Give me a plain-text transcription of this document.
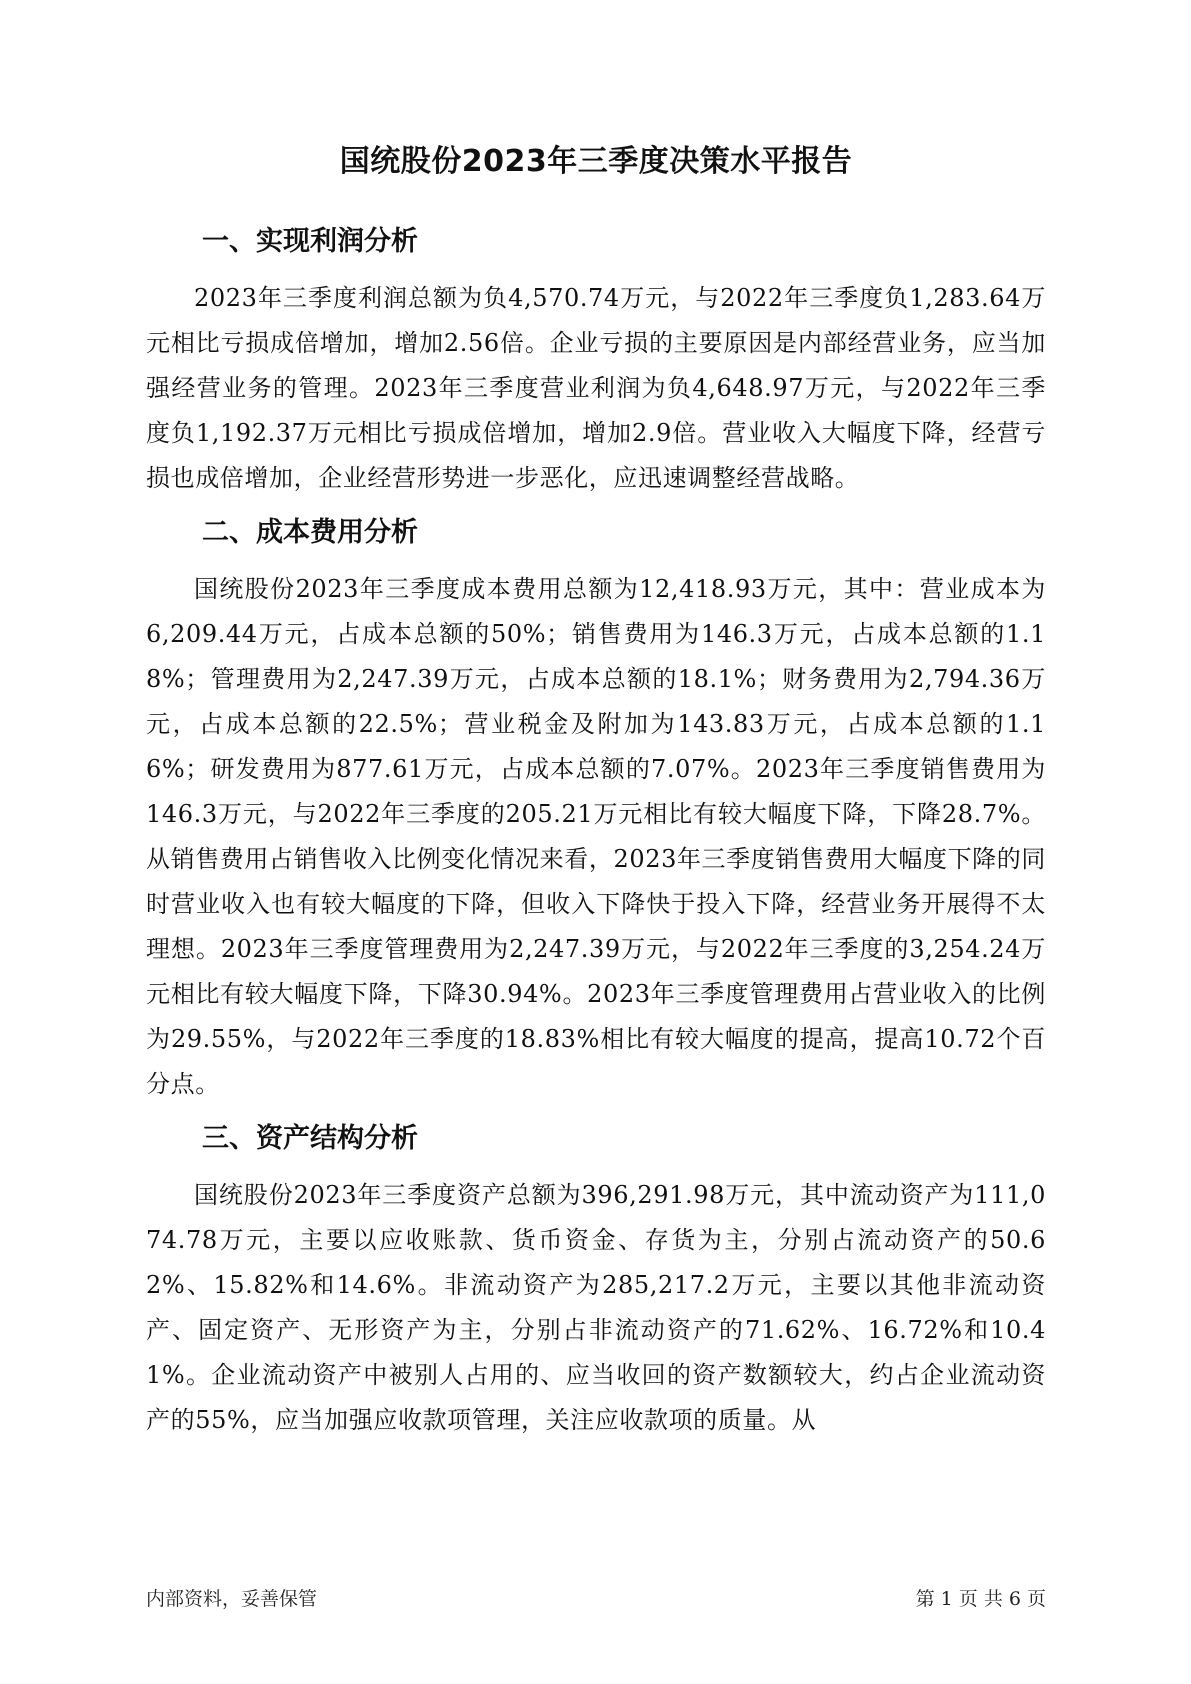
国统股份2023年三季度决策水平报告
一、实现利润分析

2023年三季度利润总额为负4,570.74万元，与2022年三季度负1,283.64万元相比亏损成倍增加，增加2.56倍。企业亏损的主要原因是内部经营业务，应当加强经营业务的管理。2023年三季度营业利润为负4,648.97万元，与2022年三季度负1,192.37万元相比亏损成倍增加，增加2.9倍。营业收入大幅度下降，经营亏损也成倍增加，企业经营形势进一步恶化，应迅速调整经营战略。

二、成本费用分析

国统股份2023年三季度成本费用总额为12,418.93万元，其中：营业成本为6,209.44万元，占成本总额的50%；销售费用为146.3万元，占成本总额的1.18%；管理费用为2,247.39万元，占成本总额的18.1%；财务费用为2,794.36万元，占成本总额的22.5%；营业税金及附加为143.83万元，占成本总额的1.16%；研发费用为877.61万元，占成本总额的7.07%。2023年三季度销售费用为146.3万元，与2022年三季度的205.21万元相比有较大幅度下降，下降28.7%。从销售费用占销售收入比例变化情况来看，2023年三季度销售费用大幅度下降的同时营业收入也有较大幅度的下降，但收入下降快于投入下降，经营业务开展得不太理想。2023年三季度管理费用为2,247.39万元，与2022年三季度的3,254.24万元相比有较大幅度下降，下降30.94%。2023年三季度管理费用占营业收入的比例为29.55%，与2022年三季度的18.83%相比有较大幅度的提高，提高10.72个百分点。

三、资产结构分析

国统股份2023年三季度资产总额为396,291.98万元，其中流动资产为111,074.78万元，主要以应收账款、货币资金、存货为主，分别占流动资产的50.62%、15.82%和14.6%。非流动资产为285,217.2万元，主要以其他非流动资产、固定资产、无形资产为主，分别占非流动资产的71.62%、16.72%和10.41%。企业流动资产中被别人占用的、应当收回的资产数额较大，约占企业流动资产的55%，应当加强应收款项管理，关注应收款项的质量。从

内部资料，妥善保管	第 1 页 共 6 页
